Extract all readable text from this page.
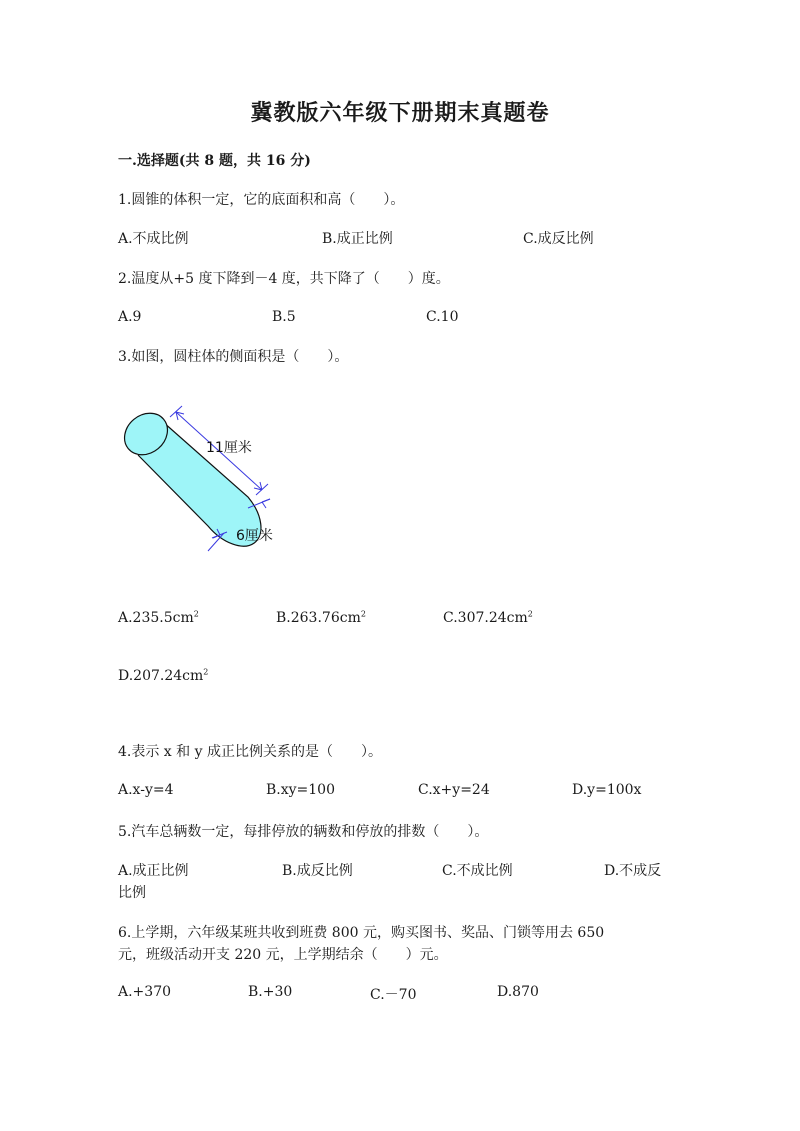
冀教版六年级下册期末真题卷
一.选择题(共 8 题，共 16 分)
1.圆锥的体积一定，它的底面积和高（　　）。
A.不成比例	B.成正比例	C.成反比例
2.温度从+5 度下降到－4 度，共下降了（　　）度。
A.9	B.5	C.10
3.如图，圆柱体的侧面积是（　　）。
11厘米
6厘米
$A.235.5cm^2$	$B.263.76cm^2$	$C.307.24cm^2$
$D.207.24cm^2$
4.表示 x 和 y 成正比例关系的是（　　）。
A.x-y=4	B.xy=100	C.x+y=24	D.y=100x
5.汽车总辆数一定，每排停放的辆数和停放的排数（　　）。
A.成正比例	B.成反比例	C.不成比例	D.不成反
比例
6.上学期，六年级某班共收到班费 800 元，购买图书、奖品、门锁等用去 650
元，班级活动开支 220 元，上学期结余（　　）元。
A.+370	B.+30	C.－70	D.870
